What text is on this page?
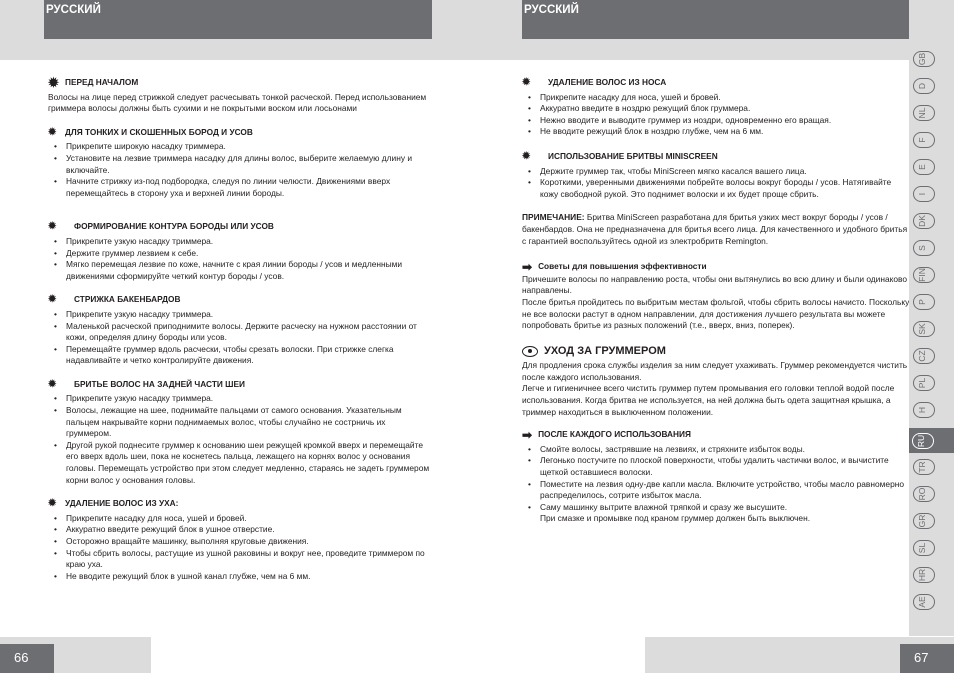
РУССКИЙ
✹ ПЕРЕД НАЧАЛОМ

Волосы на лице перед стрижкой следует расчесывать тонкой расческой. Перед использованием гриммера волосы должны быть сухими и не покрытыми воском или лосьонами

✹	ДЛЯ ТОНКИХ И СКОШЕННЫХ БОРОД И УСОВ
• Прикрепите широкую насадку триммера.
• Установите на лезвие триммера насадку для длины волос, выберите желаемую длину и включайте.
• Начните стрижку из-под подбородка, следуя по линии челюсти. Движениями вверх перемещайтесь в сторону уха и верхней линии бороды.
✹	ФОРМИРОВАНИЕ КОНТУРА БОРОДЫ ИЛИ УСОВ
• Прикрепите узкую насадку триммера.
• Держите груммер лезвием к себе.
• Мягко перемещая лезвие по коже, начните с края линии бороды / усов и медленными движениями сформируйте четкий контур бороды / усов.
✹	СТРИЖКА БАКЕНБАРДОВ
• Прикрепите узкую насадку триммера.
• Маленькой расческой приподнимите волосы. Держите расческу на нужном расстоянии от кожи, определяя длину бороды или усов.
• Перемещайте груммер вдоль расчески, чтобы срезать волоски. При стрижке слегка надавливайте и четко контролируйте движения.
✹	БРИТЬЕ ВОЛОС НА ЗАДНЕЙ ЧАСТИ ШЕИ
• Прикрепите узкую насадку триммера.
• Волосы, лежащие на шее, поднимайте пальцами от самого основания. Указательным пальцем накрывайте корни поднимаемых волос, чтобы случайно не сострничь их груммером.
• Другой рукой поднесите груммер к основанию шеи режущей кромкой вверх и перемещайте его вверх вдоль шеи, пока не коснетесь пальца, лежащего на корнях волос у основания головы. Перемещать устройство при этом следует медленно, стараясь не задеть груммером корни волос у основания головы.
✹	УДАЛЕНИЕ ВОЛОС ИЗ УХА:
• Прикрепите насадку для носа, ушей и бровей.
• Аккуратно введите режущий блок в ушное отверстие.
• Осторожно вращайте машинку, выполняя круговые движения.
• Чтобы сбрить волосы, растущие из ушной раковины и вокруг нее, проведите триммером по краю уха.
• Не вводите режущий блок в ушной канал глубже, чем на 6 мм.
66
РУССКИЙ
✹	УДАЛЕНИЕ ВОЛОС ИЗ НОСА
• Прикрепите насадку для носа, ушей и бровей.
• Аккуратно введите в ноздрю режущий блок груммера.
• Нежно вводите и выводите груммер из ноздри, одновременно его вращая.
• Не вводите режущий блок в ноздрю глубже, чем на 6 мм.
✹	ИСПОЛЬЗОВАНИЕ БРИТВЫ MINISCREEN
• Держите груммер так, чтобы MiniScreen мягко касался вашего лица.
• Короткими, уверенными движениями побрейте волосы вокруг бороды / усов. Натягивайте кожу свободной рукой. Это поднимет волоски и их будет проще сбрить.

ПРИМЕЧАНИЕ: Бритва MiniScreen разработана для бритья узких мест вокруг бороды / усов / бакенбардов. Она не предназначена для бритья всего лица. Для качественного и удобного бритья с гарантией воспользуйтесь одной из электробритв Remington.

➡ Советы для повышения эффективности

Причешите волосы по направлению роста, чтобы они вытянулись во всю длину и были одинаково направлены.

После бритья пройдитесь по выбритым местам фольгой, чтобы сбрить волосы начисто. Поскольку не все волоски растут в одном направлении, для достижения лучшего результата вы можете попробовать бритье из разных положений (т.е., вверх, вниз, поперек).

УХОД ЗА ГРУММЕРОМ

Для продления срока службы изделия за ним следует ухаживать. Груммер рекомендуется чистить после каждого использования.

Легче и гигиеничнее всего чистить груммер путем промывания его головки теплой водой после использования. Когда бритва не используется, на ней должна быть одета защитная крышка, а триммер находиться в выключенном положении.

➡ ПОСЛЕ КАЖДОГО ИСПОЛЬЗОВАНИЯ
• Смойте волосы, застрявшие на лезвиях, и стряхните избыток воды.
• Легонько постучите по плоской поверхности, чтобы удалить частички волос, и вычистите щеткой оставшиеся волоски.
• Поместите на лезвия одну-две капли масла. Включите устройство, чтобы масло равномерно распределилось, сотрите избыток масла.
• Саму машинку вытрите влажной тряпкой и сразу же высушите.

При смазке и промывке под краном груммер должен быть выключен.

GB
D
NL
F
E
I
DK
S
FIN
P
SK
CZ
PL
H
RU
TR
RO
GR
SL
HR
AE
67
